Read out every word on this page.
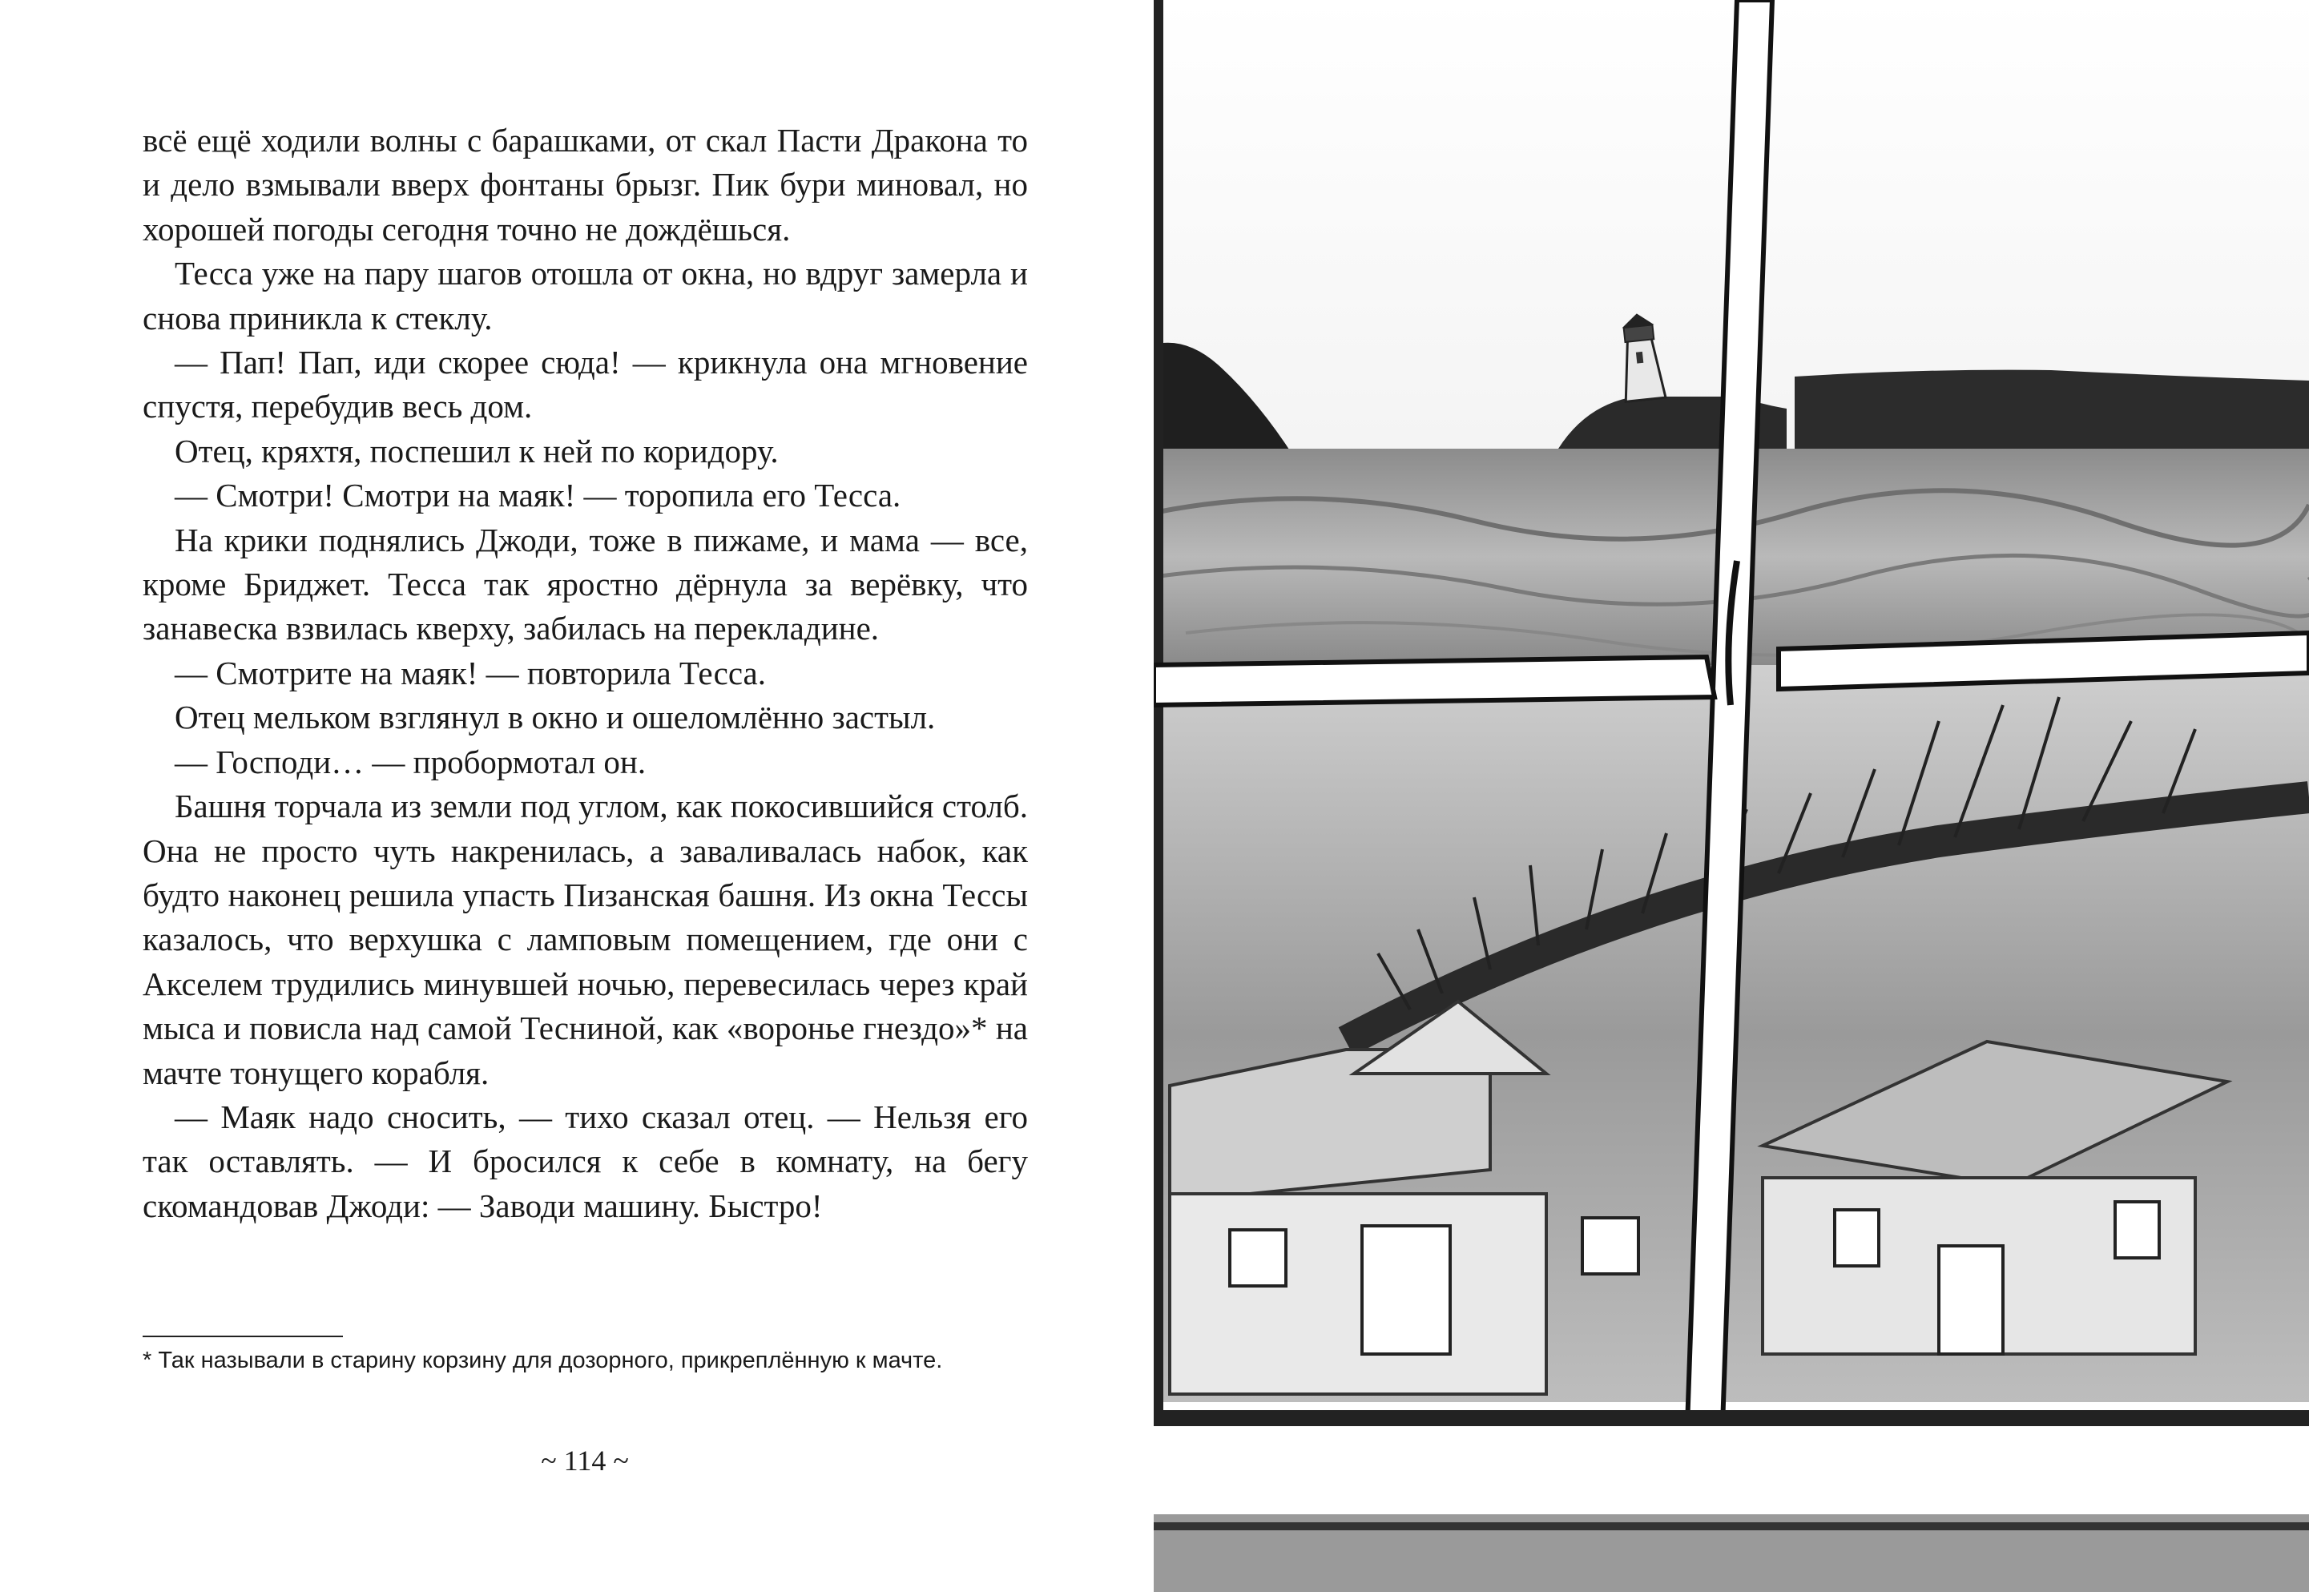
всё ещё ходили волны с барашками, от скал Пасти Дракона то и дело взмывали вверх фонтаны брызг. Пик бури миновал, но хорошей погоды сегодня точно не дождёшься.

Тесса уже на пару шагов отошла от окна, но вдруг замерла и снова приникла к стеклу.

— Пап! Пап, иди скорее сюда! — крикнула она мгновение спустя, перебудив весь дом.

Отец, кряхтя, поспешил к ней по коридору.

— Смотри! Смотри на маяк! — торопила его Тесса.

На крики поднялись Джоди, тоже в пижаме, и мама — все, кроме Бриджет. Тесса так яростно дёрнула за верёвку, что занавеска взвилась кверху, забилась на перекладине.

— Смотрите на маяк! — повторила Тесса.

Отец мельком взглянул в окно и ошеломлённо застыл.

— Господи… — пробормотал он.

Башня торчала из земли под углом, как покосившийся столб. Она не просто чуть накренилась, а заваливалась набок, как будто наконец решила упасть Пизанская башня. Из окна Тессы казалось, что верхушка с ламповым помещением, где они с Акселем трудились минувшей ночью, перевесилась через край мыса и повисла над самой Тесниной, как «воронье гнездо»* на мачте тонущего корабля.

— Маяк надо сносить, — тихо сказал отец. — Нельзя его так оставлять. — И бросился к себе в комнату, на бегу скомандовав Джоди: — Заводи машину. Быстро!

* Так называли в старину корзину для дозорного, прикреплённую к мачте.
~ 114 ~
